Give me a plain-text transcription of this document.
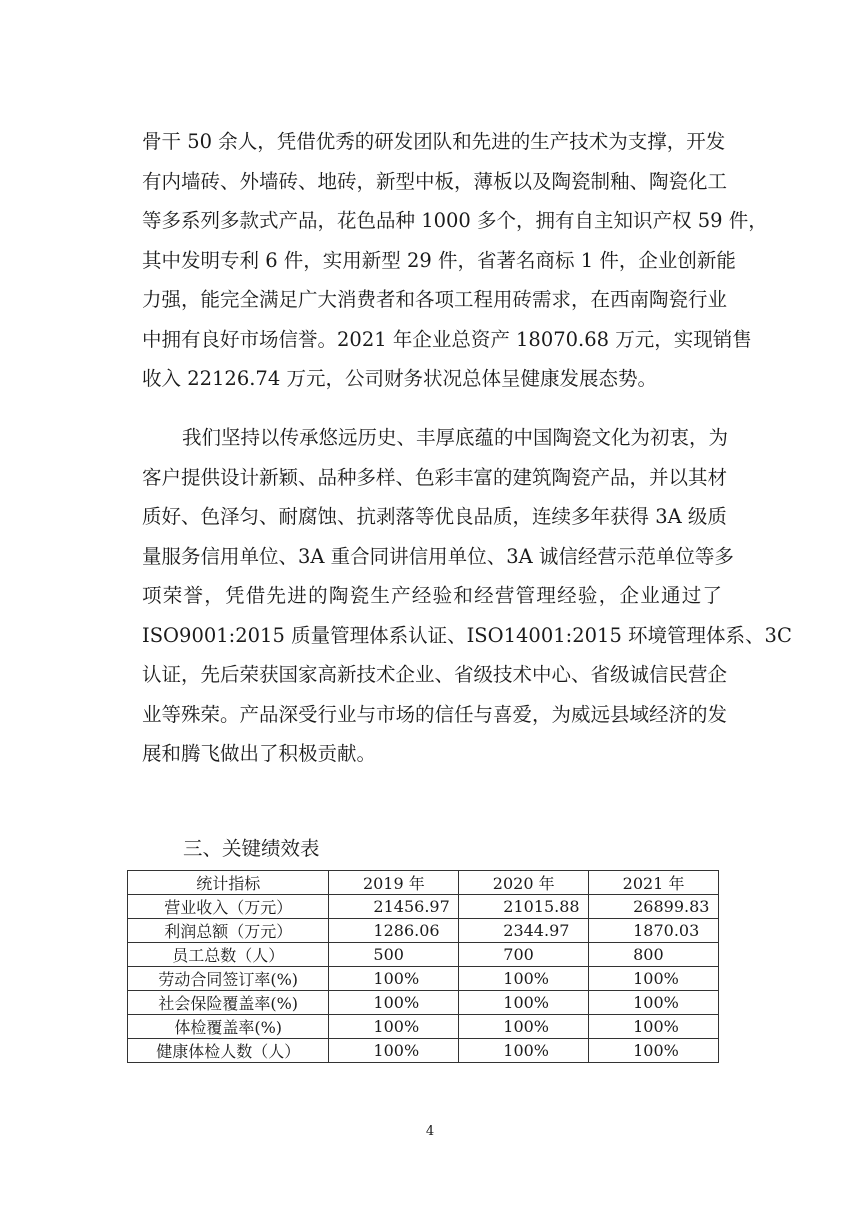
骨干 50 余人，凭借优秀的研发团队和先进的生产技术为支撑，开发
有内墙砖、外墙砖、地砖，新型中板，薄板以及陶瓷制釉、陶瓷化工
等多系列多款式产品，花色品种 1000 多个，拥有自主知识产权 59 件，
其中发明专利 6 件，实用新型 29 件，省著名商标 1 件，企业创新能
力强，能完全满足广大消费者和各项工程用砖需求，在西南陶瓷行业
中拥有良好市场信誉。2021 年企业总资产 18070.68 万元，实现销售
收入 22126.74 万元，公司财务状况总体呈健康发展态势。
我们坚持以传承悠远历史、丰厚底蕴的中国陶瓷文化为初衷，为
客户提供设计新颖、品种多样、色彩丰富的建筑陶瓷产品，并以其材
质好、色泽匀、耐腐蚀、抗剥落等优良品质，连续多年获得 3A 级质
量服务信用单位、3A 重合同讲信用单位、3A 诚信经营示范单位等多
项荣誉，凭借先进的陶瓷生产经验和经营管理经验，企业通过了
ISO9001:2015 质量管理体系认证、ISO14001:2015 环境管理体系、3C
认证，先后荣获国家高新技术企业、省级技术中心、省级诚信民营企
业等殊荣。产品深受行业与市场的信任与喜爱，为威远县域经济的发
展和腾飞做出了积极贡献。
三、关键绩效表
统计指标	2019 年	2020 年	2021 年
营业收入（万元）	21456.97	21015.88	26899.83
利润总额（万元）	1286.06	2344.97	1870.03
员工总数（人）	500	700	800
劳动合同签订率(%)	100%	100%	100%
社会保险覆盖率(%)	100%	100%	100%
体检覆盖率(%)	100%	100%	100%
健康体检人数（人）	100%	100%	100%
4
